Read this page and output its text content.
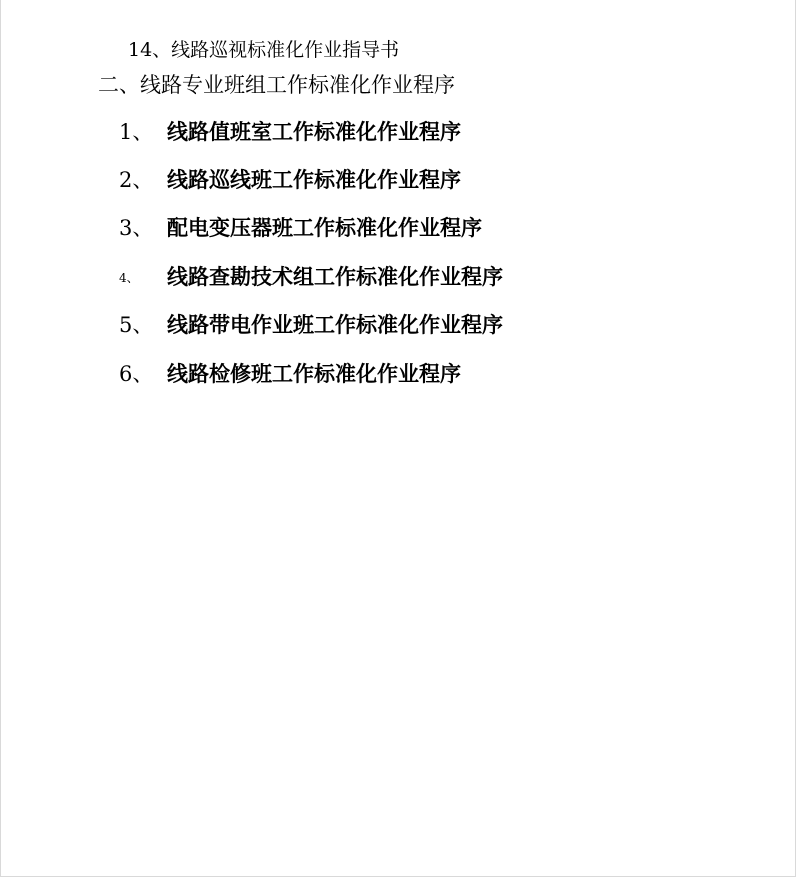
14、线路巡视标准化作业指导书
二、线路专业班组工作标准化作业程序
1、 线路值班室工作标准化作业程序
2、 线路巡线班工作标准化作业程序
3、 配电变压器班工作标准化作业程序
4、 线路查勘技术组工作标准化作业程序
5、 线路带电作业班工作标准化作业程序
6、 线路检修班工作标准化作业程序
